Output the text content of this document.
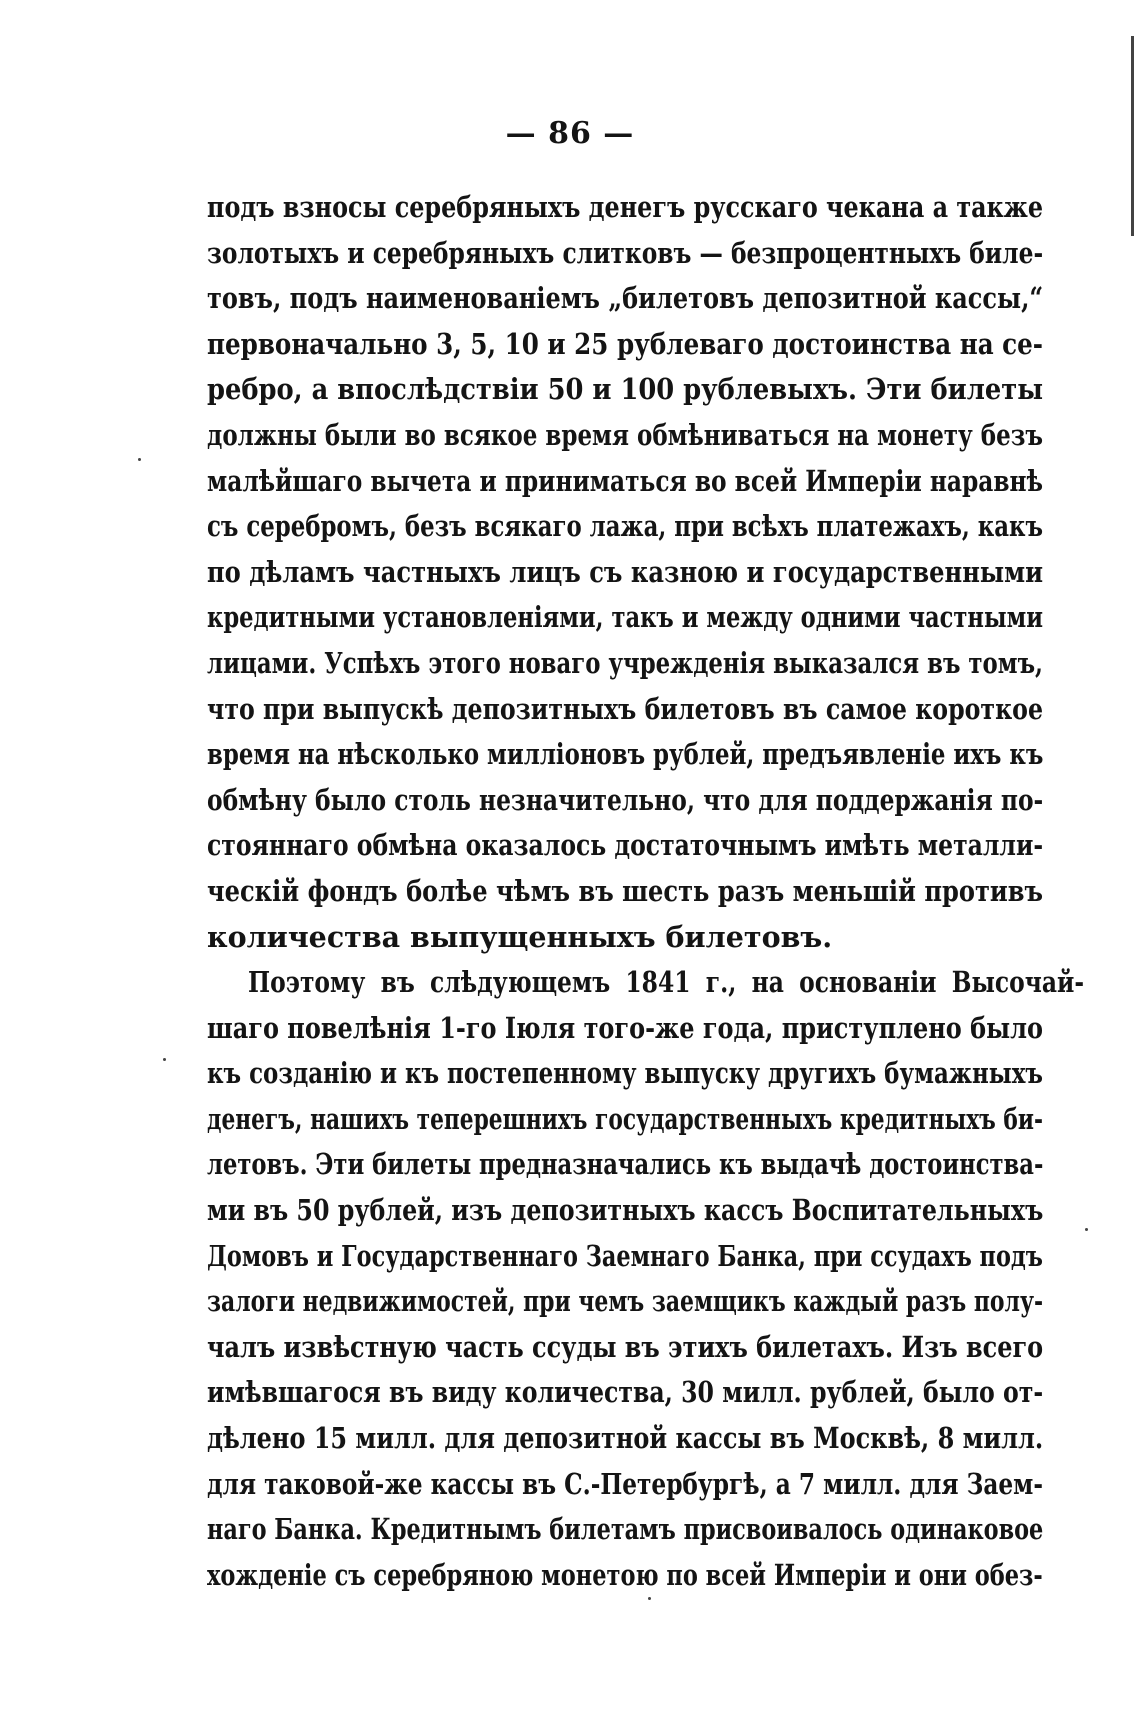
— 86 —

подъ взносы серебряныхъ денегъ русскаго чекана а также
золотыхъ и серебряныхъ слитковъ — безпроцентныхъ биле-
товъ, подъ наименованіемъ „билетовъ депозитной кассы,“
первоначально 3, 5, 10 и 25 рублеваго достоинства на се-
ребро, а впослѣдствіи 50 и 100 рублевыхъ. Эти билеты
должны были во всякое время обмѣниваться на монету безъ
малѣйшаго вычета и приниматься во всей Имперіи наравнѣ
съ серебромъ, безъ всякаго лажа, при всѣхъ платежахъ, какъ
по дѣламъ частныхъ лицъ съ казною и государственными
кредитными установленіями, такъ и между одними частными
лицами. Успѣхъ этого новаго учрежденія выказался въ томъ,
что при выпускѣ депозитныхъ билетовъ въ самое короткое
время на нѣсколько милліоновъ рублей, предъявленіе ихъ къ
обмѣну было столь незначительно, что для поддержанія по-
стояннаго обмѣна оказалось достаточнымъ имѣть металли-
ческій фондъ болѣе чѣмъ въ шесть разъ меньшій противъ
количества выпущенныхъ билетовъ.

Поэтому въ слѣдующемъ 1841 г., на основаніи Высочай-
шаго повелѣнія 1-го Іюля того-же года, приступлено было
къ созданію и къ постепенному выпуску другихъ бумажныхъ
денегъ, нашихъ теперешнихъ государственныхъ кредитныхъ би-
летовъ. Эти билеты предназначались къ выдачѣ достоинства-
ми въ 50 рублей, изъ депозитныхъ кассъ Воспитательныхъ
Домовъ и Государственнаго Заемнаго Банка, при ссудахъ подъ
залоги недвижимостей, при чемъ заемщикъ каждый разъ полу-
чалъ извѣстную часть ссуды въ этихъ билетахъ. Изъ всего
имѣвшагося въ виду количества, 30 милл. рублей, было от-
дѣлено 15 милл. для депозитной кассы въ Москвѣ, 8 милл.
для таковой-же кассы въ С.-Петербургѣ, а 7 милл. для Заем-
наго Банка. Кредитнымъ билетамъ присвоивалось одинаковое
хожденіе съ серебряною монетою по всей Имперіи и они обез-
